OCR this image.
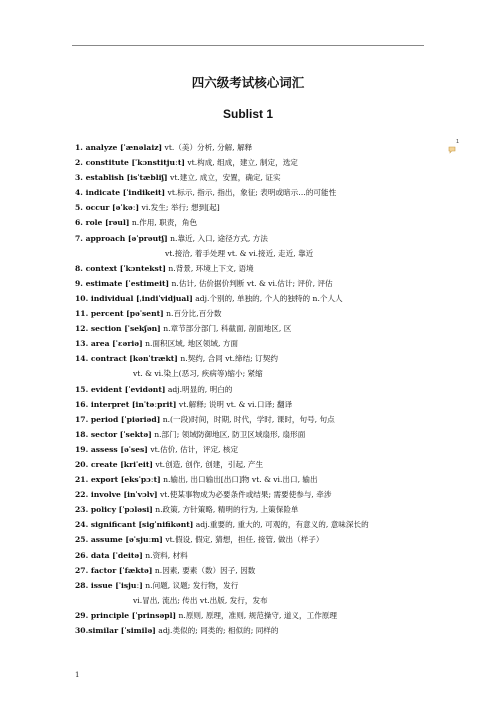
四六级考试核心词汇
Sublist 1
1
1. analyze [ˈænəlaiz] vt.（美）分析, 分解, 解释
2. constitute [ˈkɔnstitjuːt] vt.构成, 组成，建立, 制定，选定
3. establish [isˈtæbliʃ] vt.建立, 成立，安置，确定, 证实
4. indicate [ˈindikeit] vt.标示, 指示, 指出，象征; 表明或暗示…的可能性
5. occur [əˈkəː] vi.发生; 举行; 想到[起]
6. role [rəul] n.作用, 职责，角色
7. approach [əˈprəutʃ] n.靠近, 入口, 途径方式, 方法
vt.接洽, 着手处理 vt. & vi.接近, 走近, 靠近
8. context [ˈkɔntekst] n.背景, 环境上下文, 语境
9. estimate [ˈestimeit] n.估计, 估价据价判断 vt. & vi.估计; 评价, 评估
10. individual [ˌindiˈvidjual] adj.个别的, 单独的, 个人的独特的 n.个人人
11. percent [pəˈsent] n.百分比,百分数
12. section [ˈsekʃən] n.章节部分部门, 科截面, 剖面地区, 区
13. area [ˈεəriə] n.面积区域, 地区领域, 方面
14. contract [kənˈtrækt] n.契约, 合同 vt.缔结; 订契约
vt. & vi.染上(恶习, 疾病等)缩小; 紧缩
15. evident [ˈevidənt] adj.明显的, 明白的
16. interpret [inˈtəːprit] vt.解释; 说明 vt. & vi.口译; 翻译
17. period [ˈpiəriəd] n.(一段)时间，时期, 时代，学时, 课时，句号, 句点
18. sector [ˈsektə] n.部门; 领域防御地区, 防卫区域扇形, 扇形面
19. assess [əˈses] vt.估价, 估计，评定, 核定
20. create [kriˈeit] vt.创造, 创作, 创建，引起, 产生
21. export [eksˈpɔːt] n.输出, 出口输出[出口]物 vt. & vi.出口, 输出
22. involve [inˈvɔlv] vt.使某事物成为必要条件或结果; 需要使参与, 牵涉
23. policy [ˈpɔləsi] n.政策, 方针策略, 精明的行为, 上策保险单
24. significant [sigˈnifikənt] adj.重要的, 重大的, 可观的，有意义的, 意味深长的
25. assume [əˈsjuːm] vt.假设, 假定, 猜想，担任, 接管, 做出（样子）
26. data [ˈdeitə] n.资料, 材料
27. factor [ˈfæktə] n.因素, 要素（数）因子, 因数
28. issue [ˈisjuː] n.问题, 议题; 发行物，发行
vi.冒出, 流出; 传出 vt.出版, 发行，发布
29. principle [ˈprinsəpl] n.原则, 原理，准则, 规范操守, 道义，工作原理
30.similar [ˈsimilə] adj.类似的; 同类的; 相似的; 同样的
1
